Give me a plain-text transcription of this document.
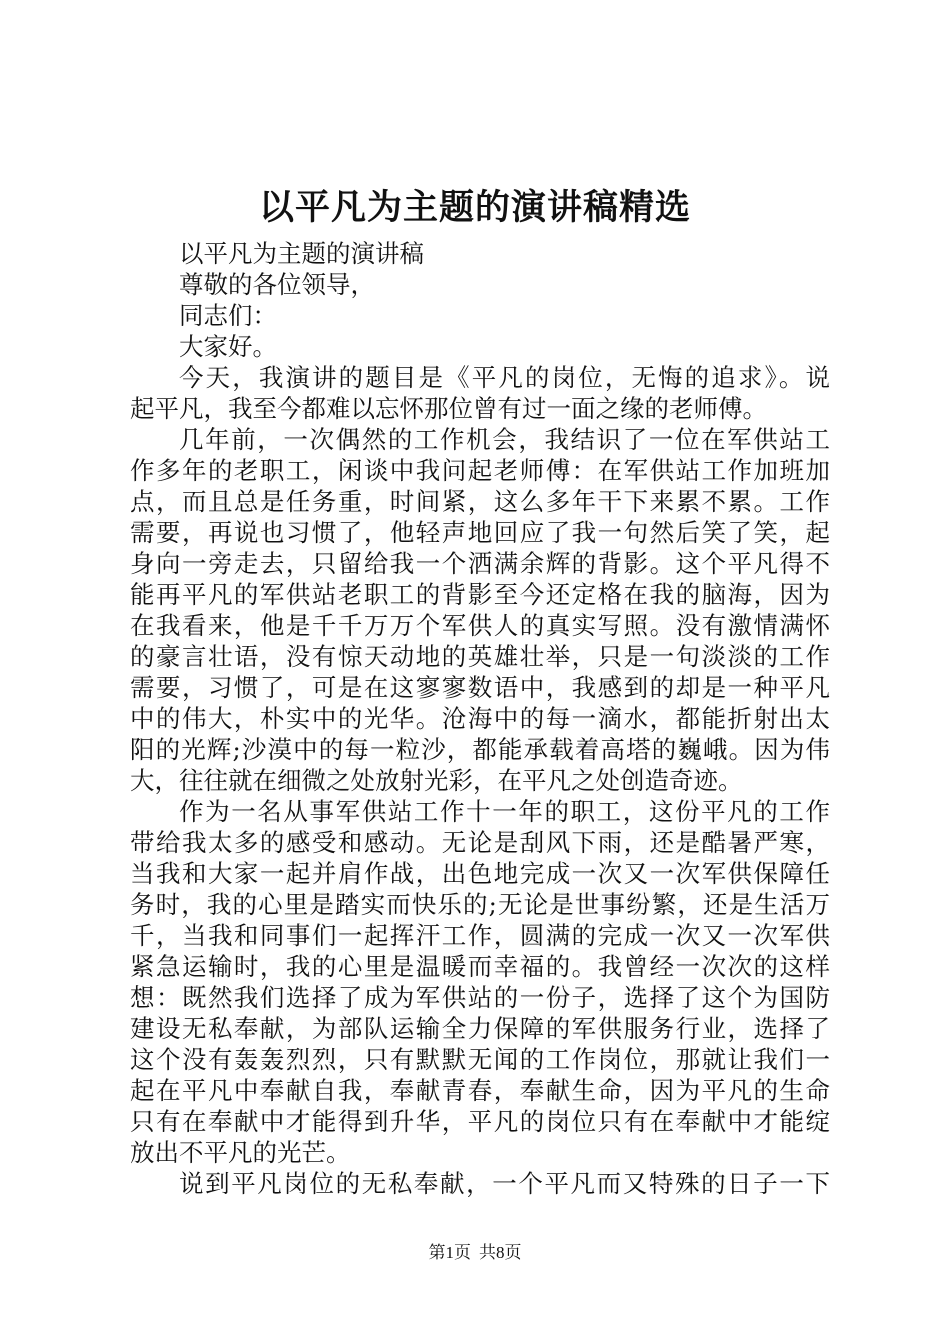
以平凡为主题的演讲稿精选
以平凡为主题的演讲稿
尊敬的各位领导，
同志们：
大家好。
今天，我演讲的题目是《平凡的岗位，无悔的追求》。说
起平凡，我至今都难以忘怀那位曾有过一面之缘的老师傅。
几年前，一次偶然的工作机会，我结识了一位在军供站工
作多年的老职工，闲谈中我问起老师傅：在军供站工作加班加
点，而且总是任务重，时间紧，这么多年干下来累不累。工作
需要，再说也习惯了，他轻声地回应了我一句然后笑了笑，起
身向一旁走去，只留给我一个洒满余辉的背影。这个平凡得不
能再平凡的军供站老职工的背影至今还定格在我的脑海，因为
在我看来，他是千千万万个军供人的真实写照。没有激情满怀
的豪言壮语，没有惊天动地的英雄壮举，只是一句淡淡的工作
需要，习惯了，可是在这寥寥数语中，我感到的却是一种平凡
中的伟大，朴实中的光华。沧海中的每一滴水，都能折射出太
阳的光辉;沙漠中的每一粒沙，都能承载着高塔的巍峨。因为伟
大，往往就在细微之处放射光彩，在平凡之处创造奇迹。
作为一名从事军供站工作十一年的职工，这份平凡的工作
带给我太多的感受和感动。无论是刮风下雨，还是酷暑严寒，
当我和大家一起并肩作战，出色地完成一次又一次军供保障任
务时，我的心里是踏实而快乐的;无论是世事纷繁，还是生活万
千，当我和同事们一起挥汗工作，圆满的完成一次又一次军供
紧急运输时，我的心里是温暖而幸福的。我曾经一次次的这样
想：既然我们选择了成为军供站的一份子，选择了这个为国防
建设无私奉献，为部队运输全力保障的军供服务行业，选择了
这个没有轰轰烈烈，只有默默无闻的工作岗位，那就让我们一
起在平凡中奉献自我，奉献青春，奉献生命，因为平凡的生命
只有在奉献中才能得到升华，平凡的岗位只有在奉献中才能绽
放出不平凡的光芒。
说到平凡岗位的无私奉献，一个平凡而又特殊的日子一下
第1页 共8页
